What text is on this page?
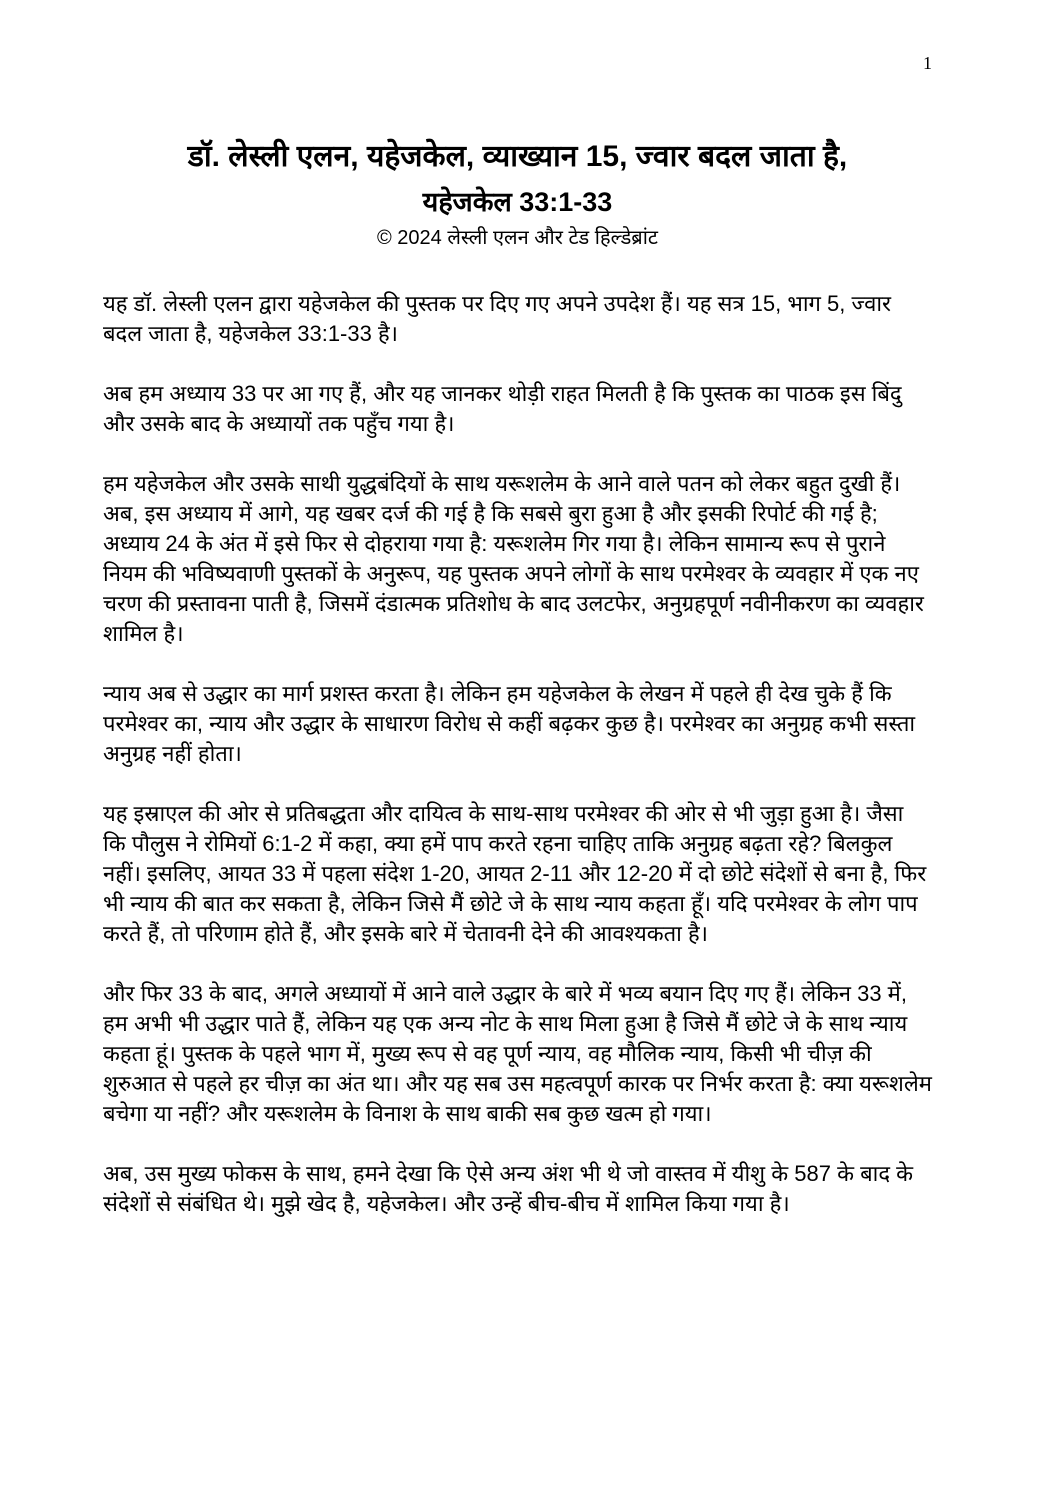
1
डॉ. लेस्ली एलन, यहेजकेल, व्याख्यान 15, ज्वार बदल जाता है,
यहेजकेल 33:1-33
© 2024 लेस्ली एलन और टेड हिल्डेब्रांट

यह डॉ. लेस्ली एलन द्वारा यहेजकेल की पुस्तक पर दिए गए अपने उपदेश हैं। यह सत्र 15, भाग 5, ज्वार बदल जाता है, यहेजकेल 33:1-33 है।

अब हम अध्याय 33 पर आ गए हैं, और यह जानकर थोड़ी राहत मिलती है कि पुस्तक का पाठक इस बिंदु और उसके बाद के अध्यायों तक पहुँच गया है।

हम यहेजकेल और उसके साथी युद्धबंदियों के साथ यरूशलेम के आने वाले पतन को लेकर बहुत दुखी हैं। अब, इस अध्याय में आगे, यह खबर दर्ज की गई है कि सबसे बुरा हुआ है और इसकी रिपोर्ट की गई है; अध्याय 24 के अंत में इसे फिर से दोहराया गया है: यरूशलेम गिर गया है। लेकिन सामान्य रूप से पुराने नियम की भविष्यवाणी पुस्तकों के अनुरूप, यह पुस्तक अपने लोगों के साथ परमेश्वर के व्यवहार में एक नए चरण की प्रस्तावना पाती है, जिसमें दंडात्मक प्रतिशोध के बाद उलटफेर, अनुग्रहपूर्ण नवीनीकरण का व्यवहार शामिल है।

न्याय अब से उद्धार का मार्ग प्रशस्त करता है। लेकिन हम यहेजकेल के लेखन में पहले ही देख चुके हैं कि परमेश्वर का, न्याय और उद्धार के साधारण विरोध से कहीं बढ़कर कुछ है। परमेश्वर का अनुग्रह कभी सस्ता अनुग्रह नहीं होता।

यह इस्राएल की ओर से प्रतिबद्धता और दायित्व के साथ-साथ परमेश्वर की ओर से भी जुड़ा हुआ है। जैसा कि पौलुस ने रोमियों 6:1-2 में कहा, क्या हमें पाप करते रहना चाहिए ताकि अनुग्रह बढ़ता रहे? बिलकुल नहीं। इसलिए, आयत 33 में पहला संदेश 1-20, आयत 2-11 और 12-20 में दो छोटे संदेशों से बना है, फिर भी न्याय की बात कर सकता है, लेकिन जिसे मैं छोटे जे के साथ न्याय कहता हूँ। यदि परमेश्वर के लोग पाप करते हैं, तो परिणाम होते हैं, और इसके बारे में चेतावनी देने की आवश्यकता है।

और फिर 33 के बाद, अगले अध्यायों में आने वाले उद्धार के बारे में भव्य बयान दिए गए हैं। लेकिन 33 में, हम अभी भी उद्धार पाते हैं, लेकिन यह एक अन्य नोट के साथ मिला हुआ है जिसे मैं छोटे जे के साथ न्याय कहता हूं। पुस्तक के पहले भाग में, मुख्य रूप से वह पूर्ण न्याय, वह मौलिक न्याय, किसी भी चीज़ की शुरुआत से पहले हर चीज़ का अंत था। और यह सब उस महत्वपूर्ण कारक पर निर्भर करता है: क्या यरूशलेम बचेगा या नहीं? और यरूशलेम के विनाश के साथ बाकी सब कुछ खत्म हो गया।

अब, उस मुख्य फोकस के साथ, हमने देखा कि ऐसे अन्य अंश भी थे जो वास्तव में यीशु के 587 के बाद के संदेशों से संबंधित थे। मुझे खेद है, यहेजकेल। और उन्हें बीच-बीच में शामिल किया गया है।
